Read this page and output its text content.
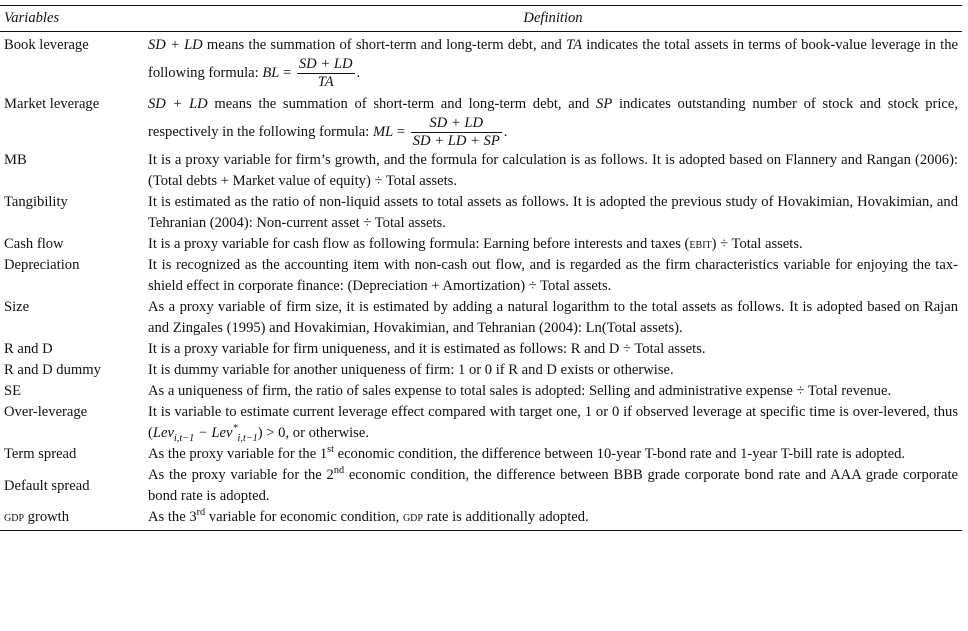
Variables	Definition
Book leverage	SD + LD means the summation of short-term and long-term debt, and TA indicates the total assets in terms of book-value leverage in the following formula: BL = $\frac{SD + LD}{TA}$ .
Market leverage	SD + LD means the summation of short-term and long-term debt, and SP indicates outstanding number of stock and stock price, respectively in the following formula: ML = $\frac{SD + LD}{SD + LD + SP}$ .
MB	It is a proxy variable for firm’s growth, and the formula for calculation is as follows. It is adopted based on Flannery and Rangan (2006): (Total debts + Market value of equity) ÷ Total assets.
Tangibility	It is estimated as the ratio of non-liquid assets to total assets as follows. It is adopted the previous study of Hovakimian, Hovakimian, and Tehranian (2004): Non-current asset ÷ Total assets.
Cash flow	It is a proxy variable for cash flow as following formula: Earning before interests and taxes (ebit) ÷ Total assets.
Depreciation	It is recognized as the accounting item with non-cash out flow, and is regarded as the firm characteristics variable for enjoying the tax-shield effect in corporate finance: (Depreciation + Amortization) ÷ Total assets.
Size	As a proxy variable of firm size, it is estimated by adding a natural logarithm to the total assets as follows. It is adopted based on Rajan and Zingales (1995) and Hovakimian, Hovakimian, and Tehranian (2004): Ln(Total assets).
R and D	It is a proxy variable for firm uniqueness, and it is estimated as follows: R and D ÷ Total assets.
R and D dummy	It is dummy variable for another uniqueness of firm: 1 or 0 if R and D exists or otherwise.
SE	As a uniqueness of firm, the ratio of sales expense to total sales is adopted: Selling and administrative expense ÷ Total revenue.
Over-leverage	It is variable to estimate current leverage effect compared with target one, 1 or 0 if observed leverage at specific time is over-levered, thus (Lev$_{i,t-1}$ − Lev*$_{i,t-1}$) > 0, or otherwise.
Term spread	As the proxy variable for the 1st economic condition, the difference between 10-year T-bond rate and 1-year T-bill rate is adopted.
Default spread	As the proxy variable for the 2nd economic condition, the difference between BBB grade corporate bond rate and AAA grade corporate bond rate is adopted.
gdp growth	As the 3rd variable for economic condition, gdp rate is additionally adopted.
